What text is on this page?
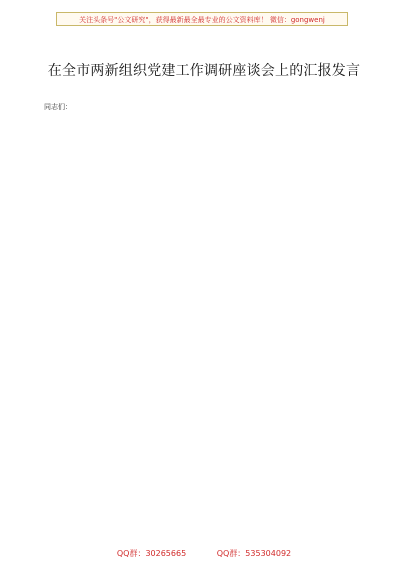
关注头条号"公文研究"，获得最新最全最专业的公文资料库！ 微信：gongwenj
在全市两新组织党建工作调研座谈会上的汇报发言

同志们：

QQ群：30265665	QQ群：535304092
